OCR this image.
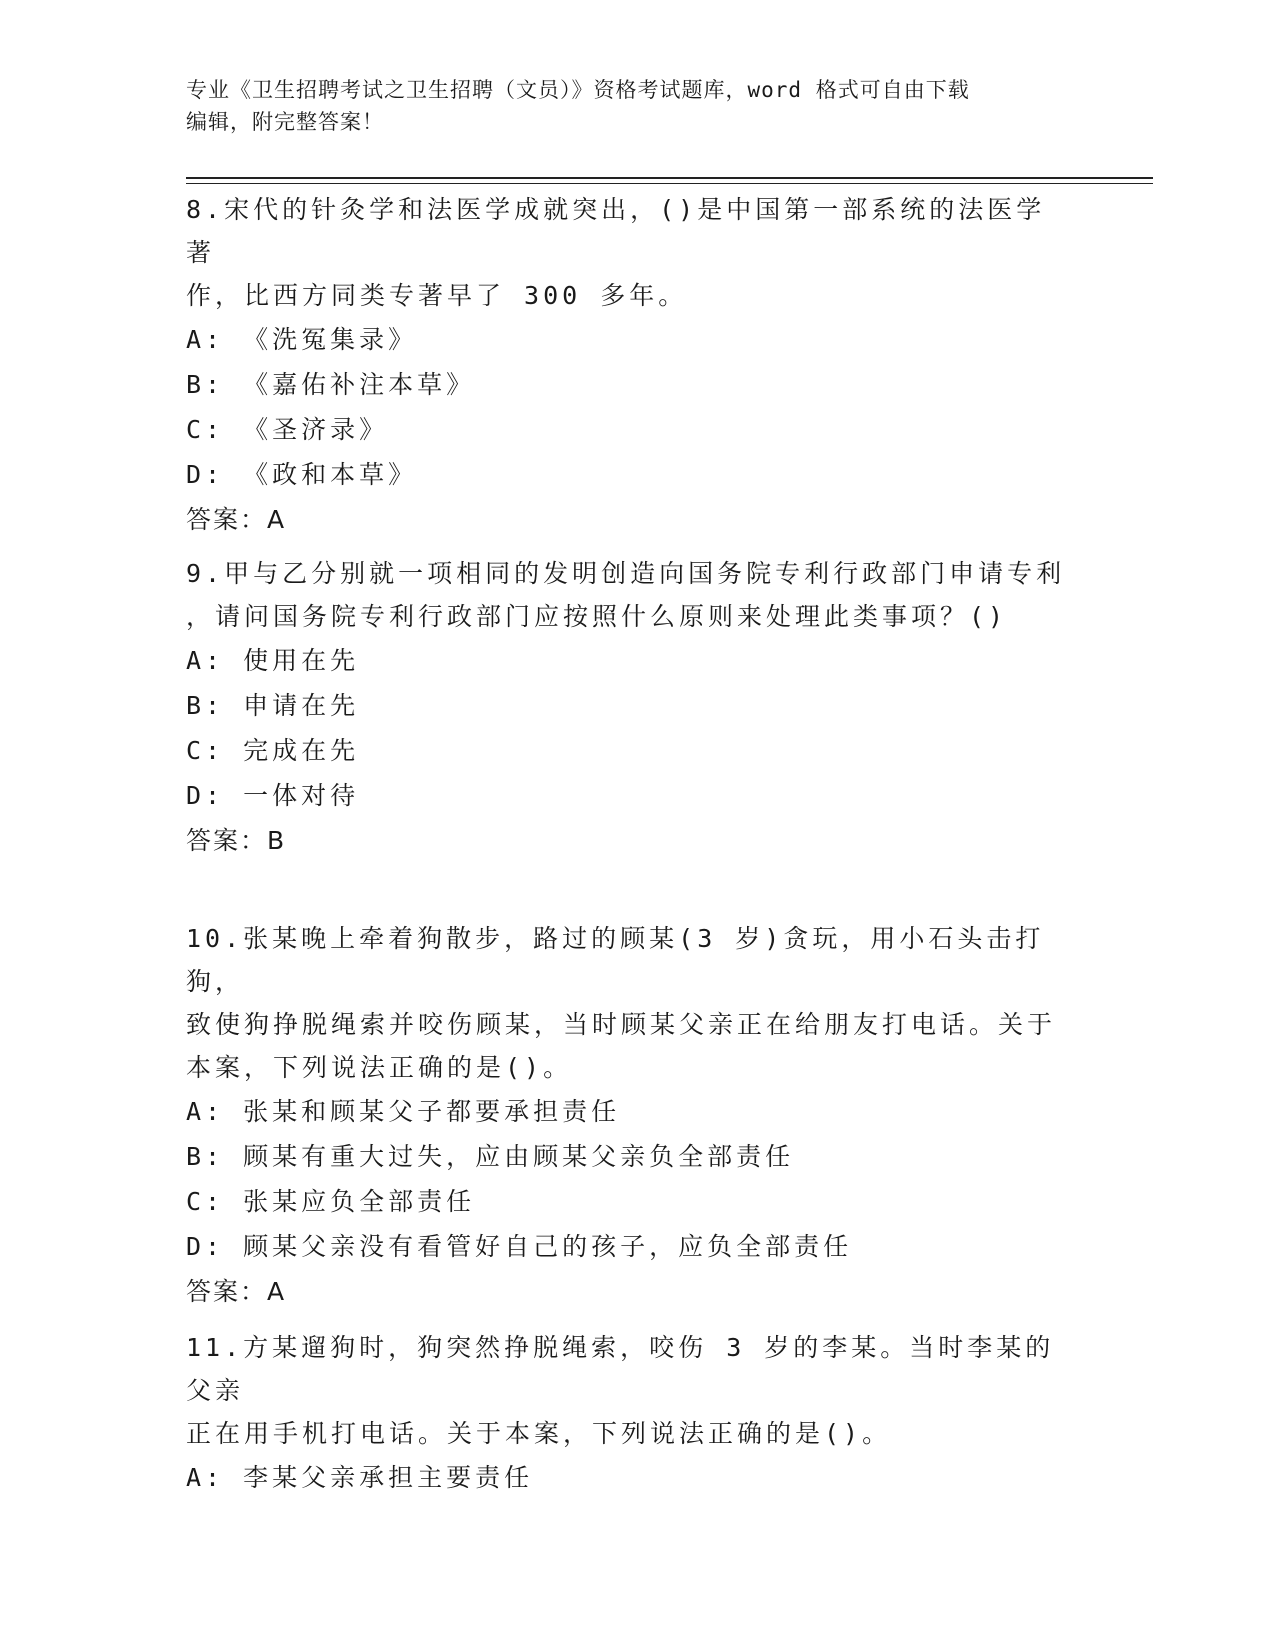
专业《卫生招聘考试之卫生招聘（文员）》资格考试题库，word 格式可自由下载
编辑，附完整答案！
8.宋代的针灸学和法医学成就突出，()是中国第一部系统的法医学著
作，比西方同类专著早了 300 多年。
A: 《洗冤集录》
B: 《嘉佑补注本草》
C: 《圣济录》
D: 《政和本草》
答案：A
9.甲与乙分别就一项相同的发明创造向国务院专利行政部门申请专利
，请问国务院专利行政部门应按照什么原则来处理此类事项？()
A: 使用在先
B: 申请在先
C: 完成在先
D: 一体对待
答案：B
10.张某晚上牵着狗散步，路过的顾某(3 岁)贪玩，用小石头击打狗，
致使狗挣脱绳索并咬伤顾某，当时顾某父亲正在给朋友打电话。关于
本案，下列说法正确的是()。
A: 张某和顾某父子都要承担责任
B: 顾某有重大过失，应由顾某父亲负全部责任
C: 张某应负全部责任
D: 顾某父亲没有看管好自己的孩子，应负全部责任
答案：A
11.方某遛狗时，狗突然挣脱绳索，咬伤 3 岁的李某。当时李某的父亲
正在用手机打电话。关于本案，下列说法正确的是()。
A: 李某父亲承担主要责任
